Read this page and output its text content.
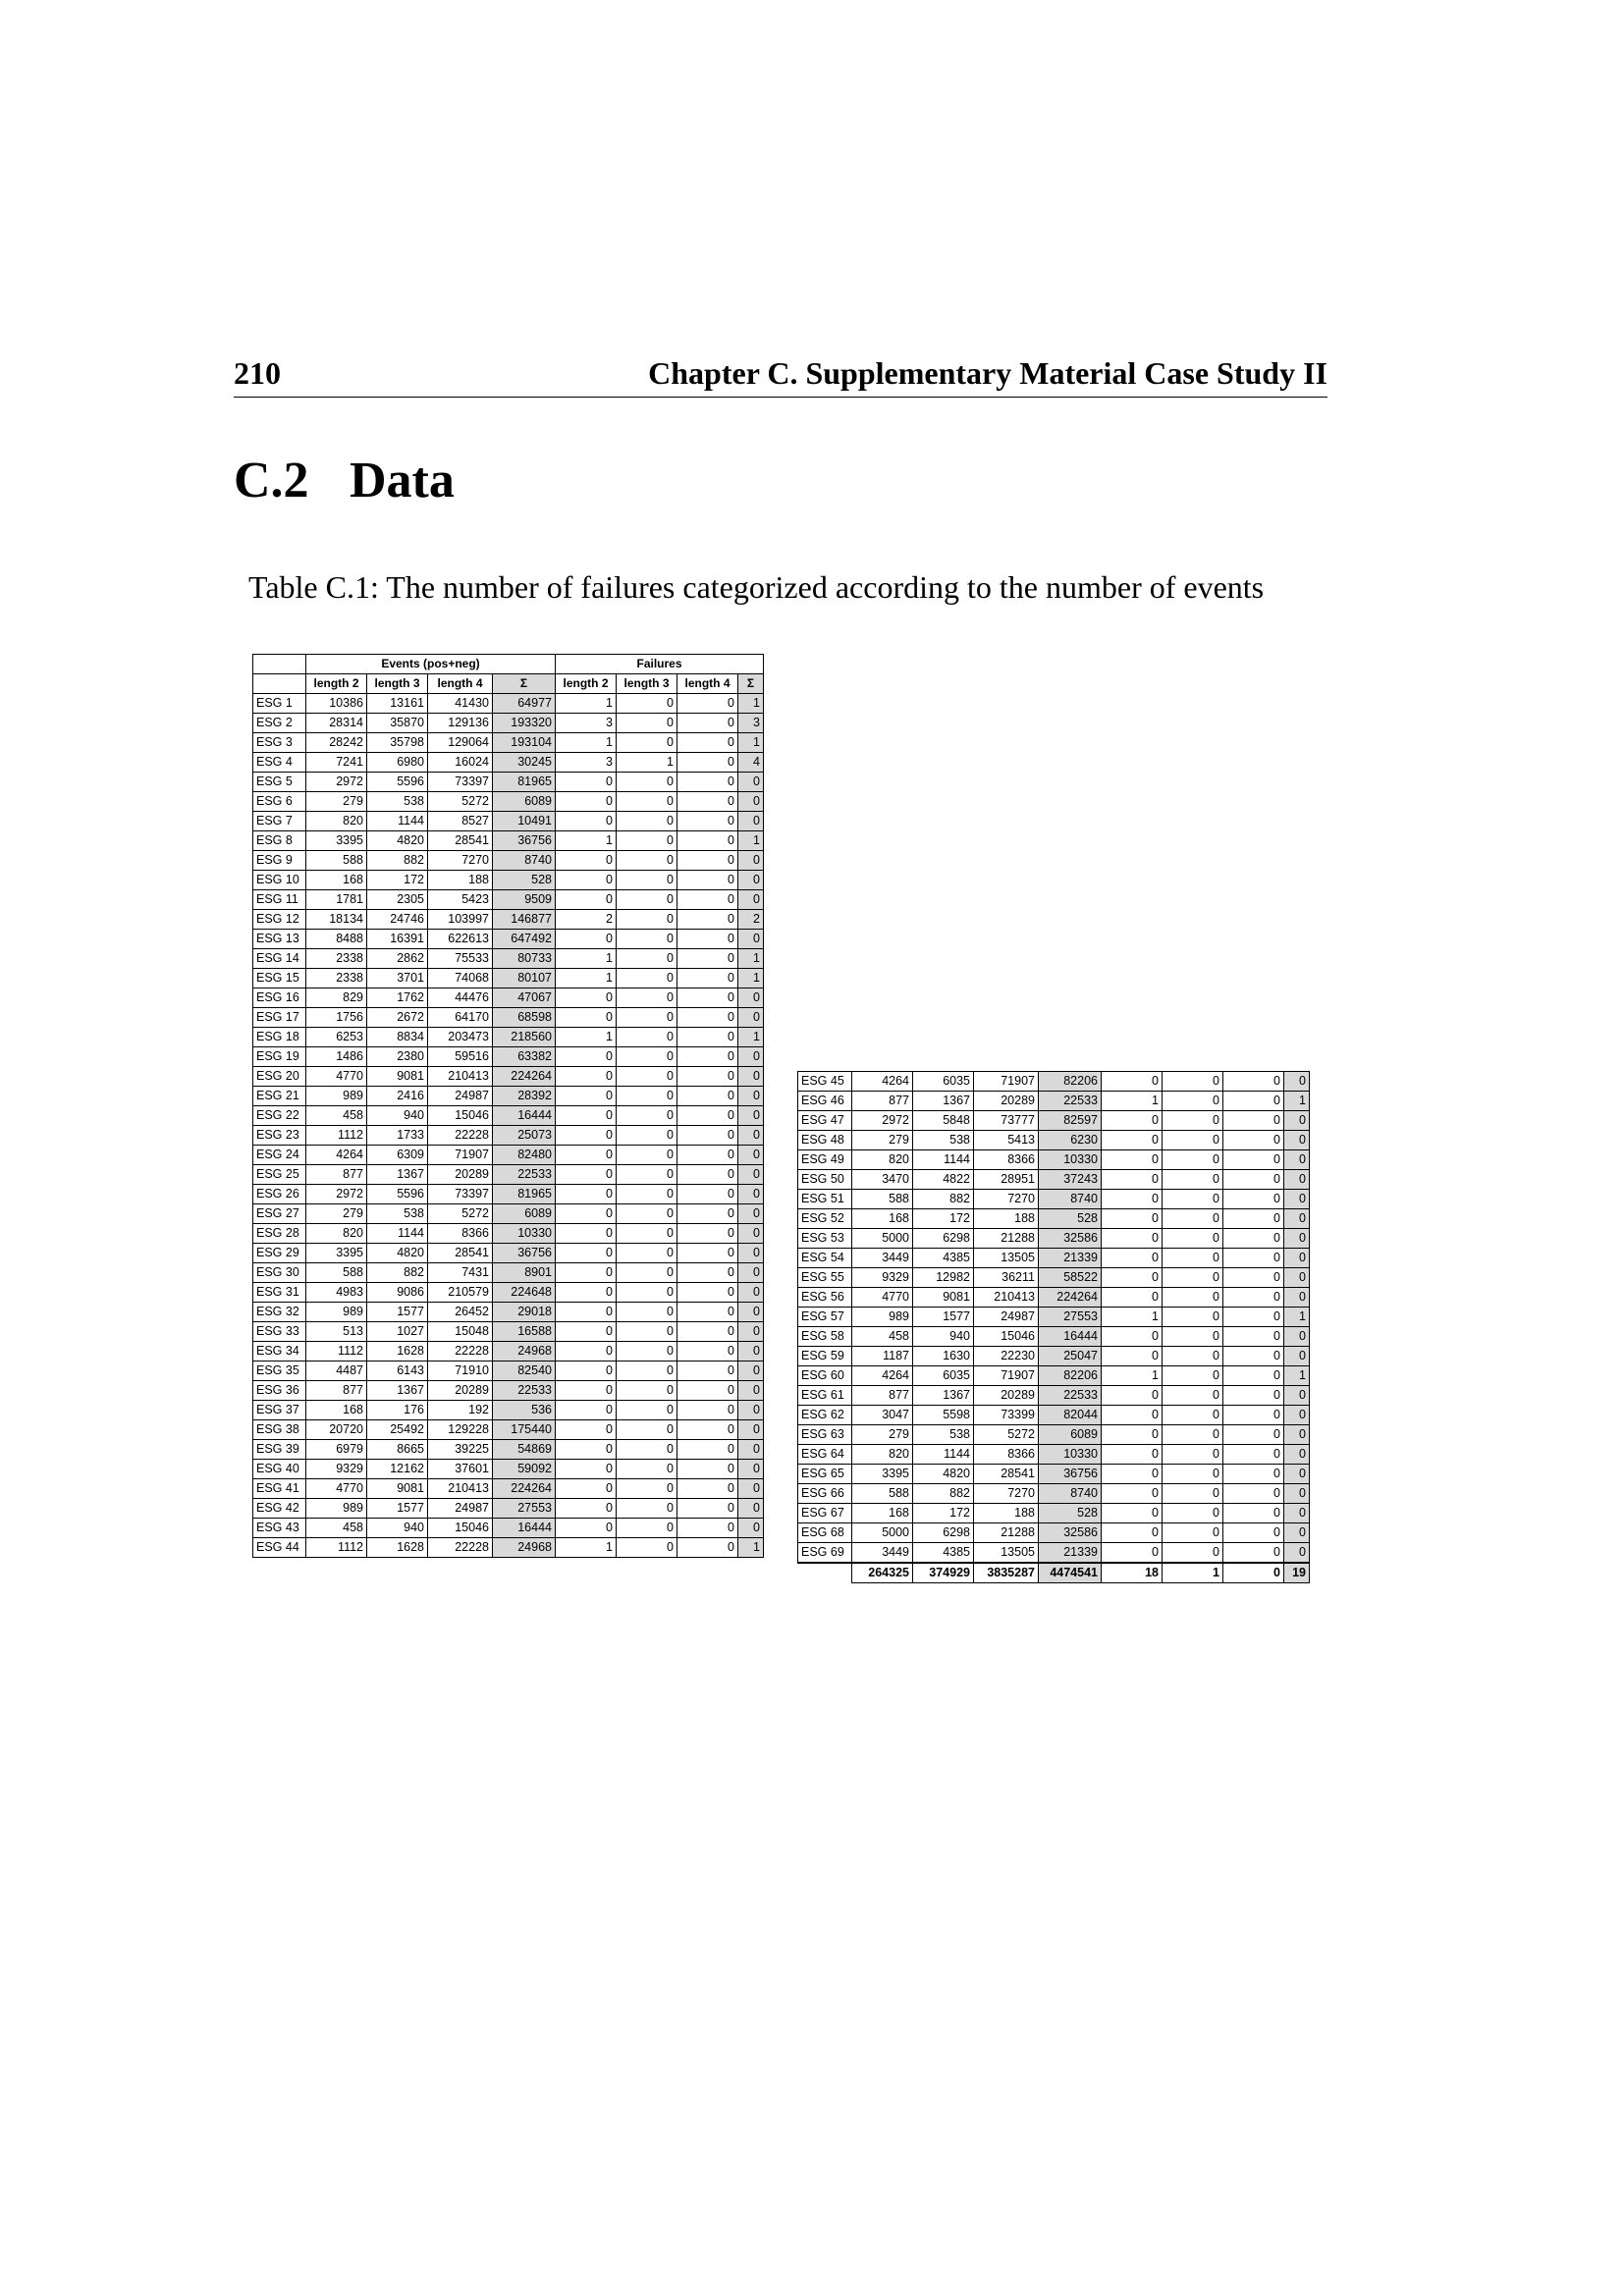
210	Chapter C. Supplementary Material Case Study II
C.2 Data
Table C.1: The number of failures categorized according to the number of events
	Events (pos+neg)				Failures			
	length 2	length 3	length 4	Σ	length 2	length 3	length 4	Σ
ESG 1	10386	13161	41430	64977	1	0	0	1
ESG 2	28314	35870	129136	193320	3	0	0	3
ESG 3	28242	35798	129064	193104	1	0	0	1
ESG 4	7241	6980	16024	30245	3	1	0	4
ESG 5	2972	5596	73397	81965	0	0	0	0
ESG 6	279	538	5272	6089	0	0	0	0
ESG 7	820	1144	8527	10491	0	0	0	0
ESG 8	3395	4820	28541	36756	1	0	0	1
ESG 9	588	882	7270	8740	0	0	0	0
ESG 10	168	172	188	528	0	0	0	0
ESG 11	1781	2305	5423	9509	0	0	0	0
ESG 12	18134	24746	103997	146877	2	0	0	2
ESG 13	8488	16391	622613	647492	0	0	0	0
ESG 14	2338	2862	75533	80733	1	0	0	1
ESG 15	2338	3701	74068	80107	1	0	0	1
ESG 16	829	1762	44476	47067	0	0	0	0
ESG 17	1756	2672	64170	68598	0	0	0	0
ESG 18	6253	8834	203473	218560	1	0	0	1
ESG 19	1486	2380	59516	63382	0	0	0	0
ESG 20	4770	9081	210413	224264	0	0	0	0
ESG 21	989	2416	24987	28392	0	0	0	0
ESG 22	458	940	15046	16444	0	0	0	0
ESG 23	1112	1733	22228	25073	0	0	0	0
ESG 24	4264	6309	71907	82480	0	0	0	0
ESG 25	877	1367	20289	22533	0	0	0	0
ESG 26	2972	5596	73397	81965	0	0	0	0
ESG 27	279	538	5272	6089	0	0	0	0
ESG 28	820	1144	8366	10330	0	0	0	0
ESG 29	3395	4820	28541	36756	0	0	0	0
ESG 30	588	882	7431	8901	0	0	0	0
ESG 31	4983	9086	210579	224648	0	0	0	0
ESG 32	989	1577	26452	29018	0	0	0	0
ESG 33	513	1027	15048	16588	0	0	0	0
ESG 34	1112	1628	22228	24968	0	0	0	0
ESG 35	4487	6143	71910	82540	0	0	0	0
ESG 36	877	1367	20289	22533	0	0	0	0
ESG 37	168	176	192	536	0	0	0	0
ESG 38	20720	25492	129228	175440	0	0	0	0
ESG 39	6979	8665	39225	54869	0	0	0	0
ESG 40	9329	12162	37601	59092	0	0	0	0
ESG 41	4770	9081	210413	224264	0	0	0	0
ESG 42	989	1577	24987	27553	0	0	0	0
ESG 43	458	940	15046	16444	0	0	0	0
ESG 44	1112	1628	22228	24968	1	0	0	1
ESG 45	4264	6035	71907	82206	0	0	0	0
ESG 46	877	1367	20289	22533	1	0	0	1
ESG 47	2972	5848	73777	82597	0	0	0	0
ESG 48	279	538	5413	6230	0	0	0	0
ESG 49	820	1144	8366	10330	0	0	0	0
ESG 50	3470	4822	28951	37243	0	0	0	0
ESG 51	588	882	7270	8740	0	0	0	0
ESG 52	168	172	188	528	0	0	0	0
ESG 53	5000	6298	21288	32586	0	0	0	0
ESG 54	3449	4385	13505	21339	0	0	0	0
ESG 55	9329	12982	36211	58522	0	0	0	0
ESG 56	4770	9081	210413	224264	0	0	0	0
ESG 57	989	1577	24987	27553	1	0	0	1
ESG 58	458	940	15046	16444	0	0	0	0
ESG 59	1187	1630	22230	25047	0	0	0	0
ESG 60	4264	6035	71907	82206	1	0	0	1
ESG 61	877	1367	20289	22533	0	0	0	0
ESG 62	3047	5598	73399	82044	0	0	0	0
ESG 63	279	538	5272	6089	0	0	0	0
ESG 64	820	1144	8366	10330	0	0	0	0
ESG 65	3395	4820	28541	36756	0	0	0	0
ESG 66	588	882	7270	8740	0	0	0	0
ESG 67	168	172	188	528	0	0	0	0
ESG 68	5000	6298	21288	32586	0	0	0	0
ESG 69	3449	4385	13505	21339	0	0	0	0
	264325	374929	3835287	4474541	18	1	0	19
